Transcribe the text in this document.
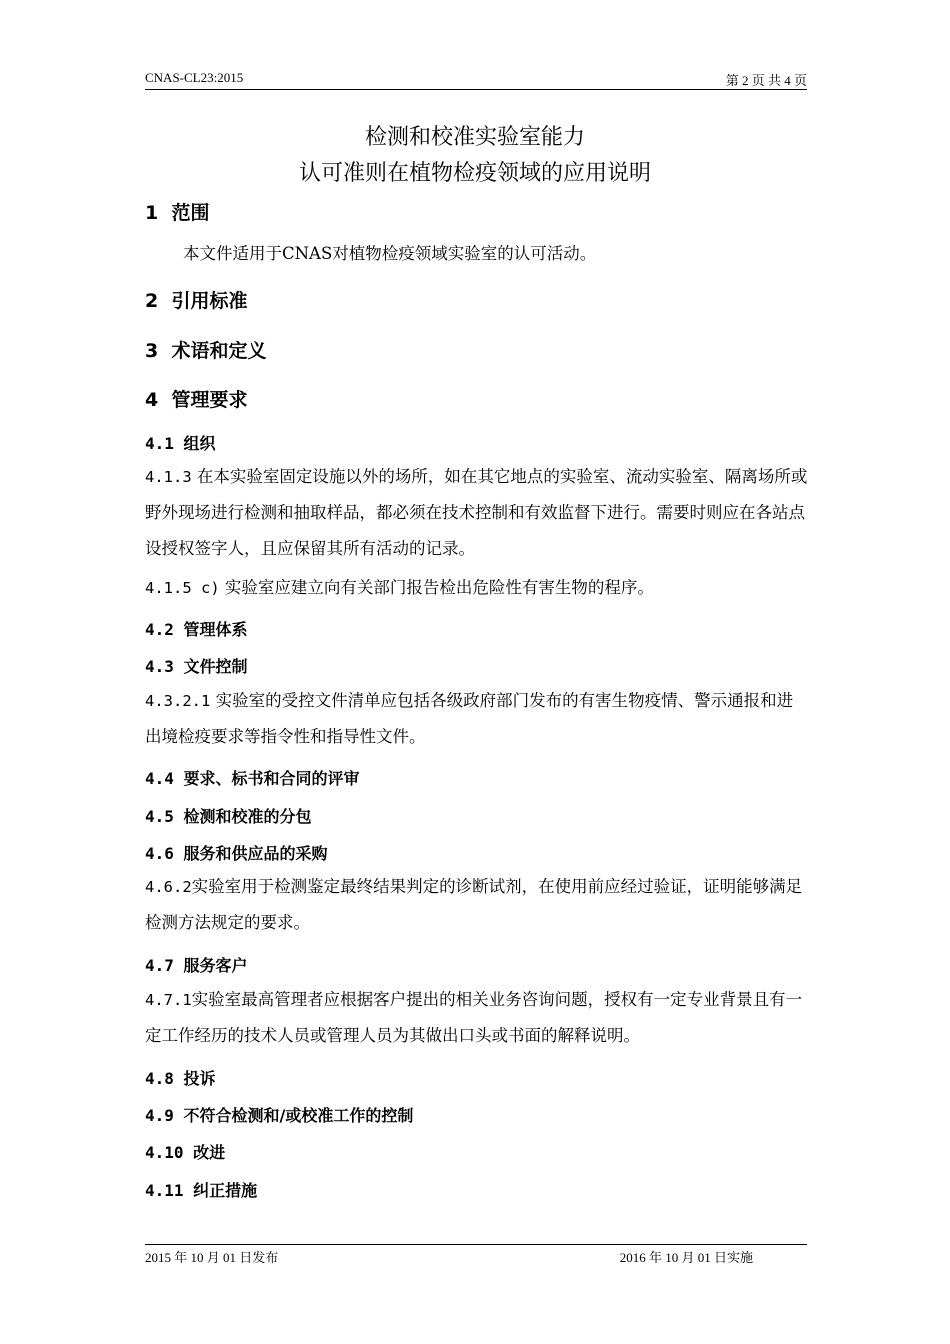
CNAS-CL23:2015	第 2 页 共 4 页
检测和校准实验室能力
认可准则在植物检疫领域的应用说明
1 范围
本文件适用于CNAS对植物检疫领域实验室的认可活动。
2 引用标准
3 术语和定义
4 管理要求
4.1 组织
4.1.3 在本实验室固定设施以外的场所，如在其它地点的实验室、流动实验室、隔离场所或野外现场进行检测和抽取样品，都必须在技术控制和有效监督下进行。需要时则应在各站点设授权签字人，且应保留其所有活动的记录。
4.1.5 c) 实验室应建立向有关部门报告检出危险性有害生物的程序。
4.2 管理体系
4.3 文件控制
4.3.2.1 实验室的受控文件清单应包括各级政府部门发布的有害生物疫情、警示通报和进出境检疫要求等指令性和指导性文件。
4.4 要求、标书和合同的评审
4.5 检测和校准的分包
4.6 服务和供应品的采购
4.6.2实验室用于检测鉴定最终结果判定的诊断试剂，在使用前应经过验证，证明能够满足检测方法规定的要求。
4.7 服务客户
4.7.1实验室最高管理者应根据客户提出的相关业务咨询问题，授权有一定专业背景且有一定工作经历的技术人员或管理人员为其做出口头或书面的解释说明。
4.8 投诉
4.9 不符合检测和/或校准工作的控制
4.10 改进
4.11 纠正措施
2015 年 10 月 01 日发布	2016 年 10 月 01 日实施
